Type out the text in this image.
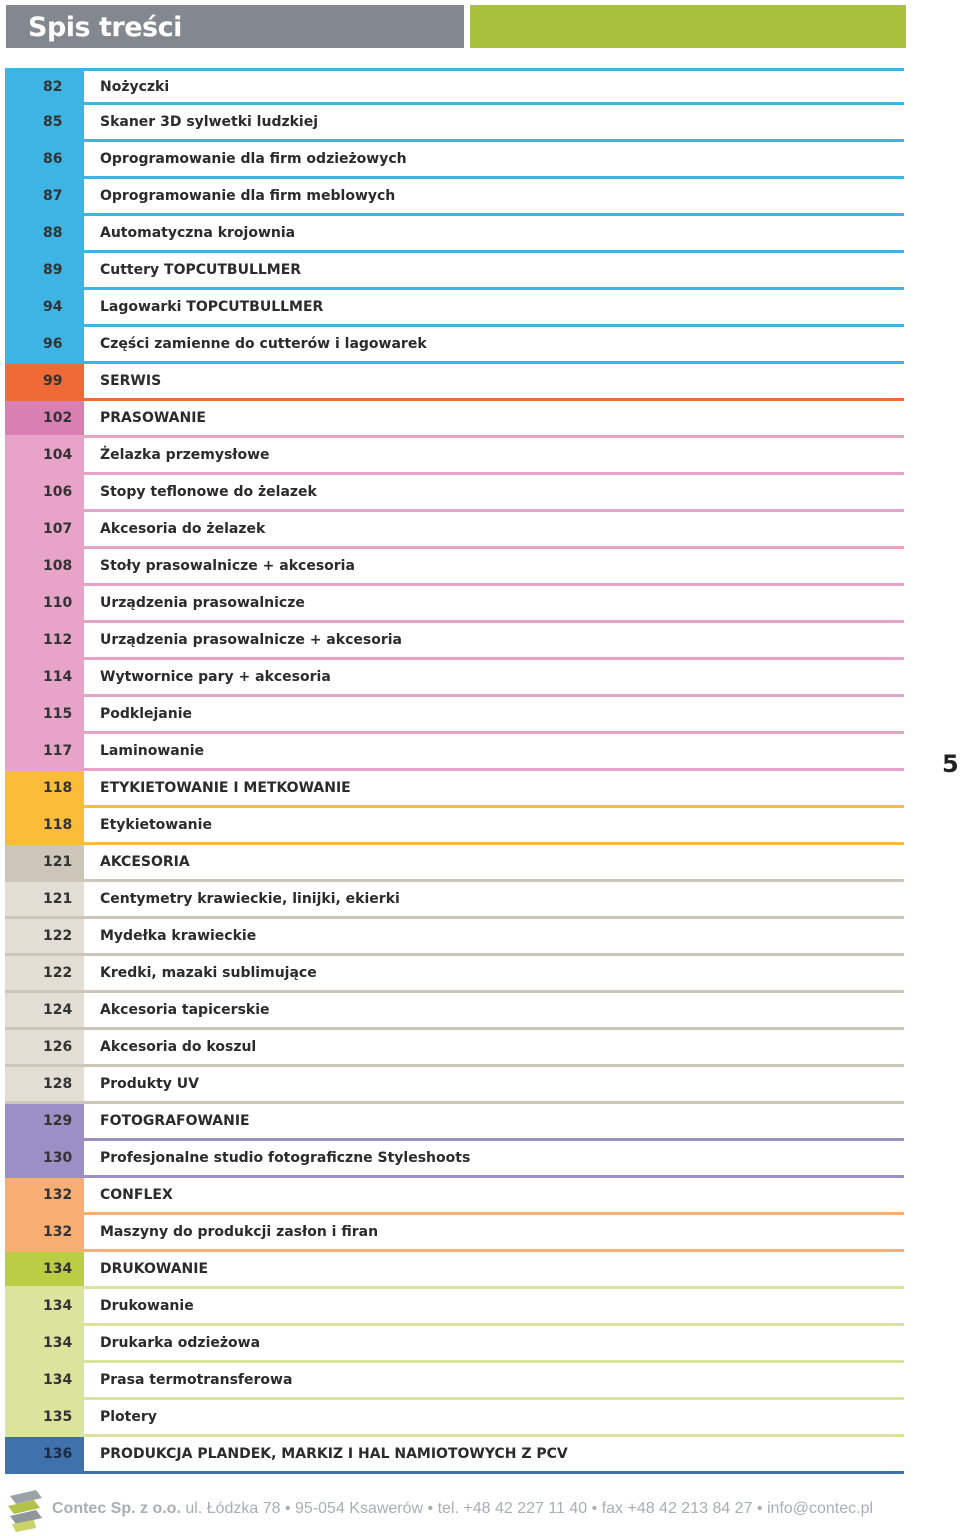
Spis treści
82	Nożyczki
85	Skaner 3D sylwetki ludzkiej
86	Oprogramowanie dla firm odzieżowych
87	Oprogramowanie dla firm meblowych
88	Automatyczna krojownia
89	Cuttery TOPCUTBULLMER
94	Lagowarki TOPCUTBULLMER
96	Części zamienne do cutterów i lagowarek
99	SERWIS
102 PRASOWANIE
104 Żelazka przemysłowe
106 Stopy teflonowe do żelazek
107 Akcesoria do żelazek
108 Stoły prasowalnicze + akcesoria
110 Urządzenia prasowalnicze
112 Urządzenia prasowalnicze + akcesoria
114 Wytwornice pary + akcesoria
115 Podklejanie
117 Laminowanie
118 ETYKIETOWANIE I METKOWANIE
118 Etykietowanie
121 AKCESORIA
121 Centymetry krawieckie, linijki, ekierki
122 Mydełka krawieckie
122 Kredki, mazaki sublimujące
124 Akcesoria tapicerskie
126 Akcesoria do koszul
128 Produkty UV
129 FOTOGRAFOWANIE
130 Profesjonalne studio fotograficzne Styleshoots
132 CONFLEX
132 Maszyny do produkcji zasłon i firan
134 DRUKOWANIE
134 Drukowanie
134 Drukarka odzieżowa
134 Prasa termotransferowa
135 Plotery
136 PRODUKCJA PLANDEK, MARKIZ I HAL NAMIOTOWYCH Z PCV
5
Contec Sp. z o.o. ul. Łódzka 78 • 95-054 Ksawerów • tel. +48 42 227 11 40 • fax +48 42 213 84 27 • info@contec.pl
